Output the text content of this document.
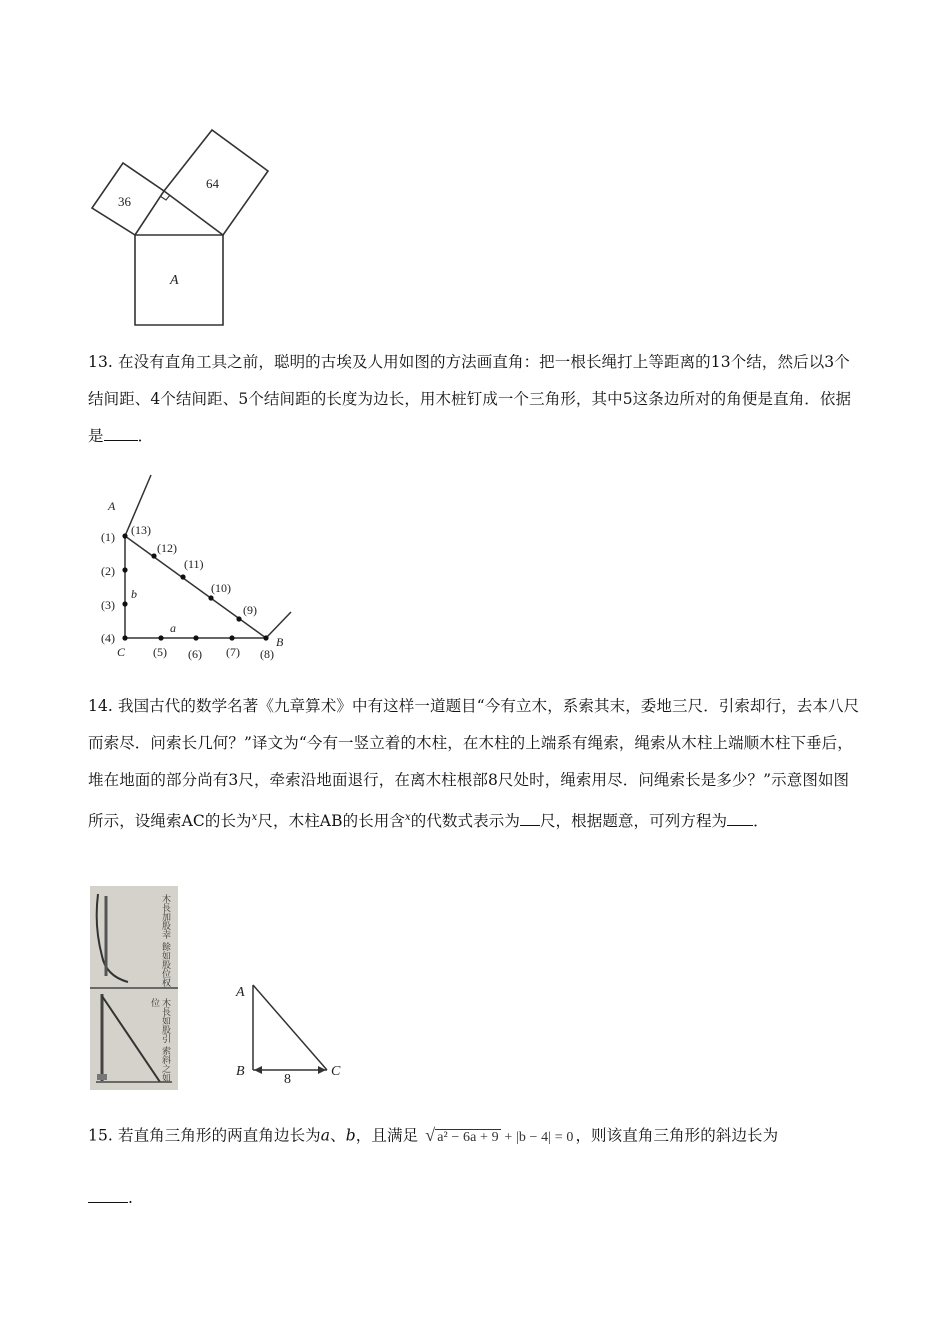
36
64
A

13. 在没有直角工具之前，聪明的古埃及人用如图的方法画直角：把一根长绳打上等距离的13个结，然后以3个结间距、4个结间距、5个结间距的长度为边长，用木桩钉成一个三角形，其中5这条边所对的角便是直角．依据是 ．

A
C
B
b
a
(1)
(2)
(3)
(4)
(5) (6) (7) (8)
(13)
(12)
(11)
(10)
(9)

14. 我国古代的数学名著《九章算术》中有这样一道题目“今有立木，系索其末，委地三尺．引索却行，去本八尺而索尽．问索长几何？”译文为“今有一竖立着的木柱，在木柱的上端系有绳索，绳索从木柱上端顺木柱下垂后，堆在地面的部分尚有3尺，牵索沿地面退行，在离木柱根部8尺处时，绳索用尽．问绳索长是多少？”示意图如图所示，设绳索AC的长为$^x$尺，木柱AB的长用含$^x$的代数式表示为 尺，根据题意，可列方程为 ．

木長加股幸 餘如股位权
木長如股引 索斜之如位
A
B	C
8

15. 若直角三角形的两直角边长为a、b，且满足 √ a² − 6a + 9 + |b − 4| = 0 ，则该直角三角形的斜边长为

.
